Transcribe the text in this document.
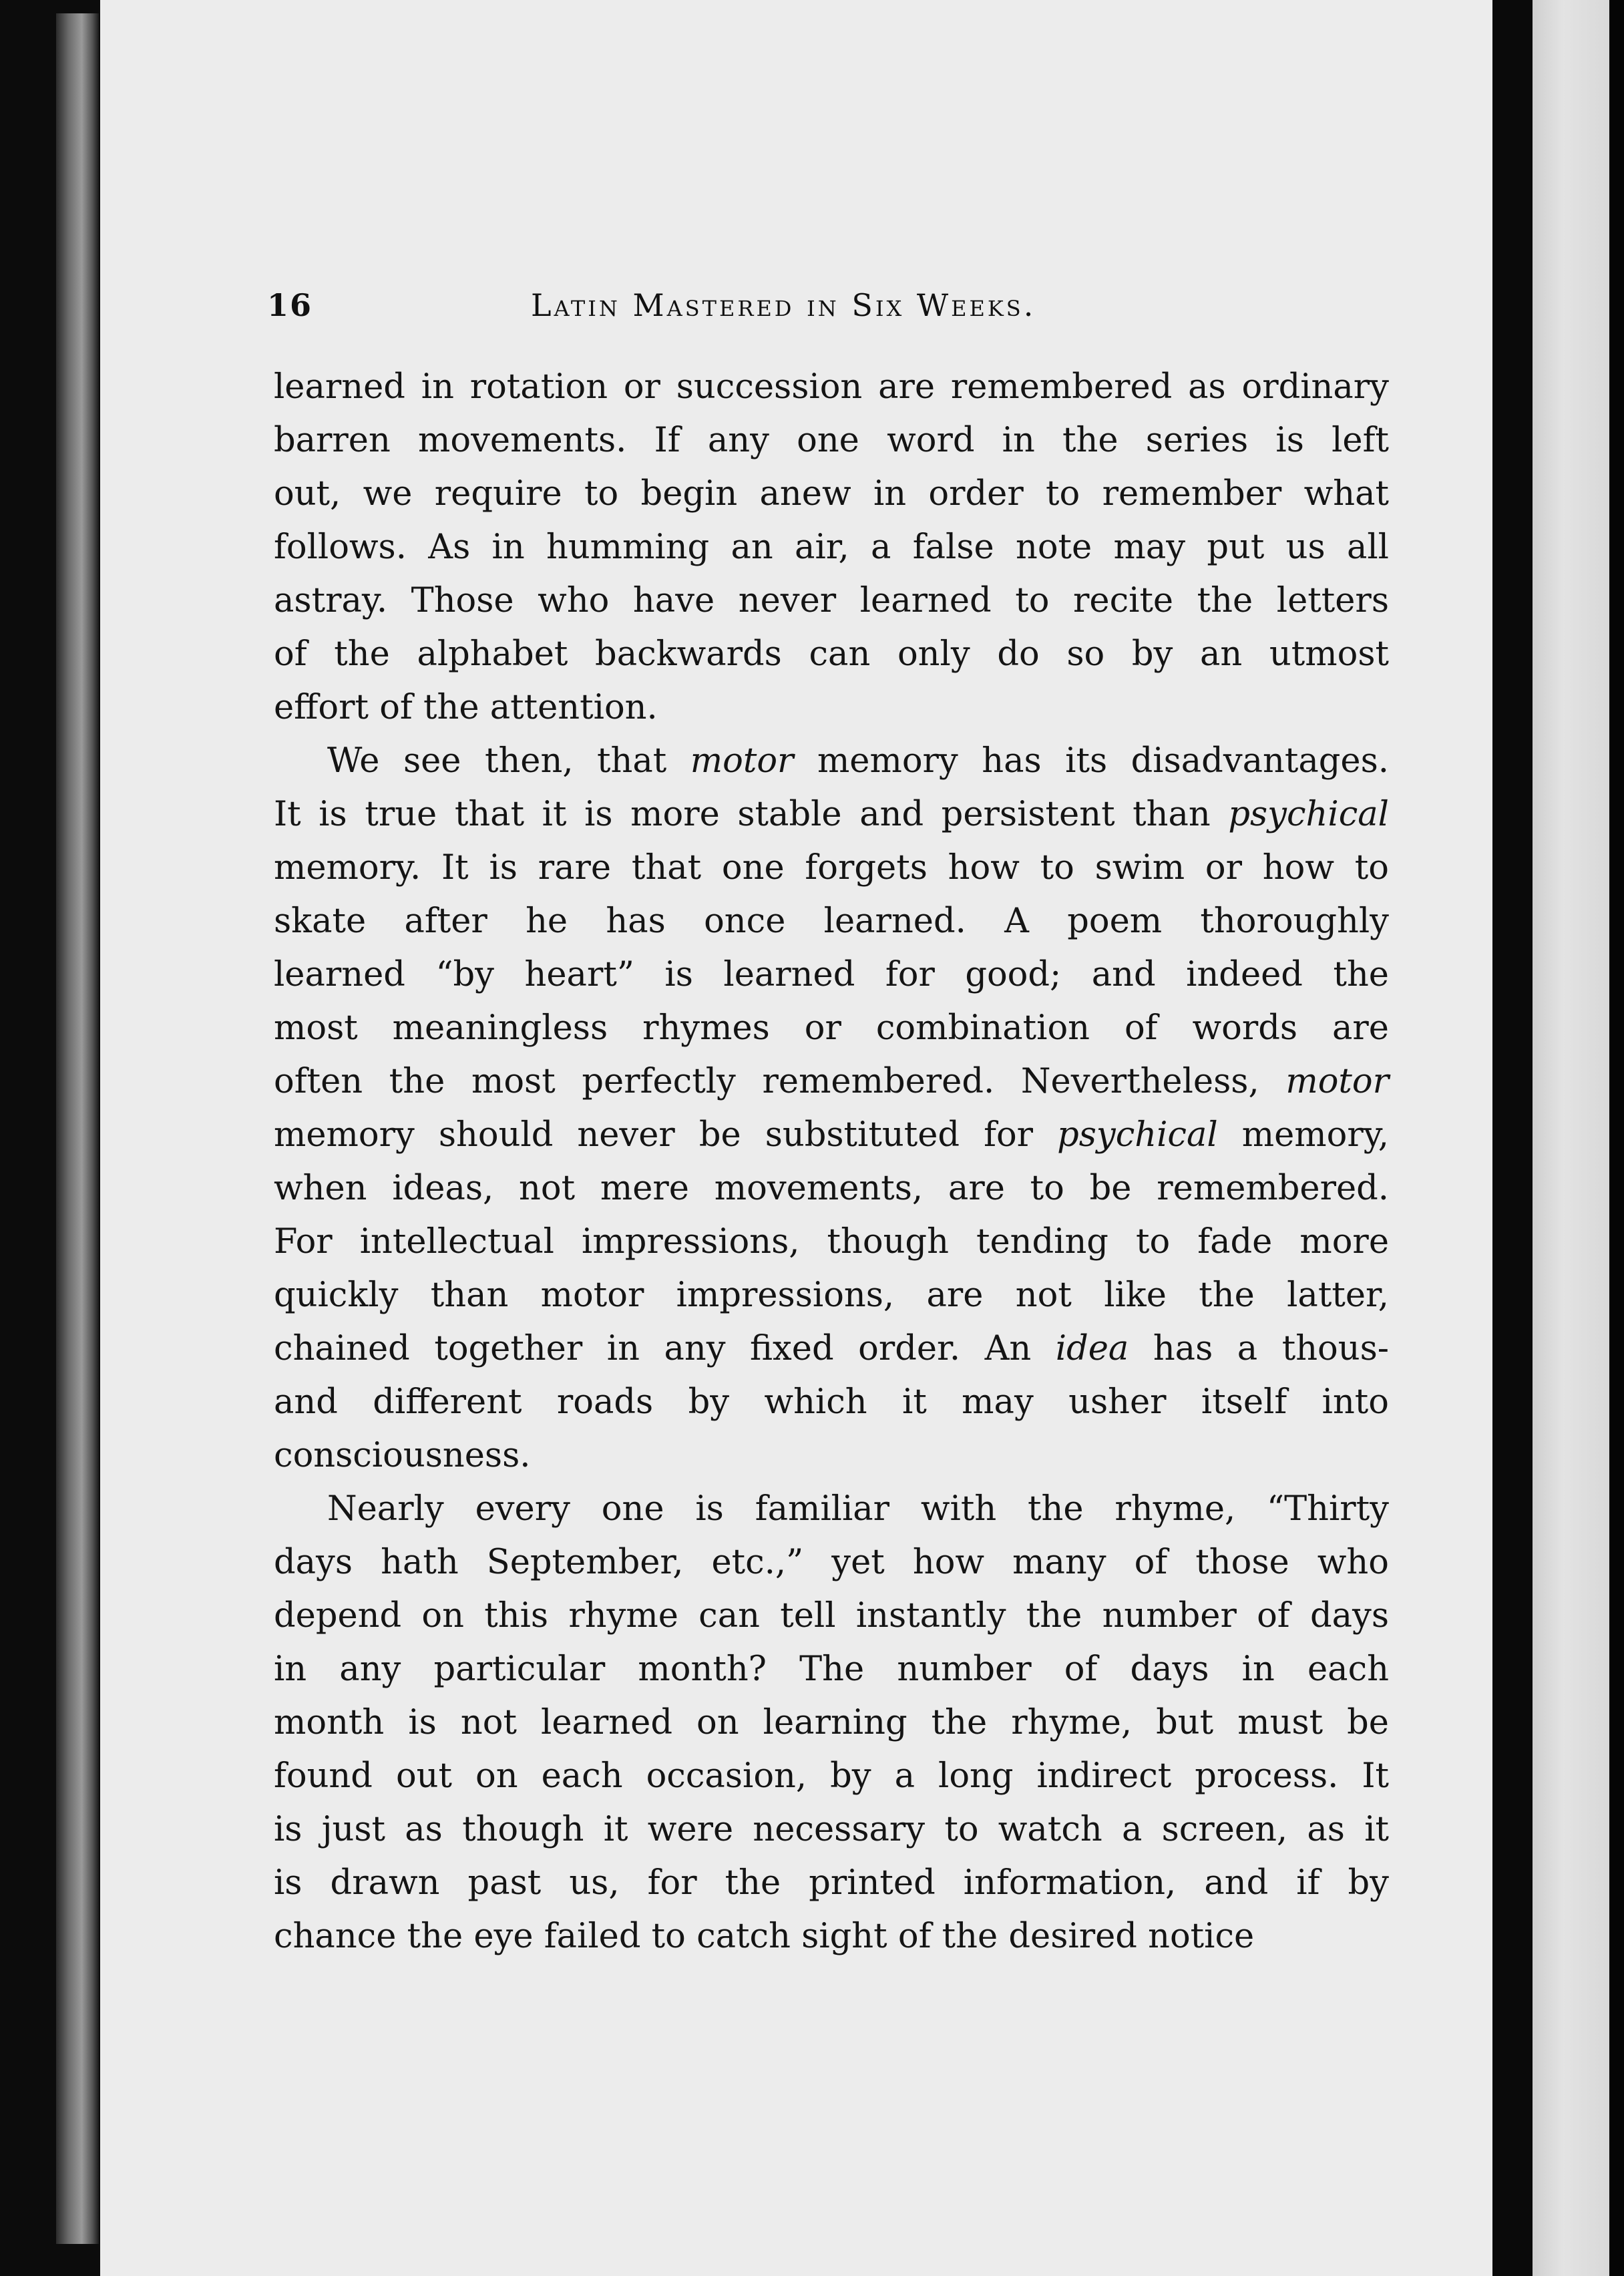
16	Latin Mastered in Six Weeks.
learned in rotation or succession are remembered as ordinary
barren movements. If any one word in the series is left
out, we require to begin anew in order to remember what
follows. As in humming an air, a false note may put us all
astray. Those who have never learned to recite the letters
of the alphabet backwards can only do so by an utmost
effort of the attention.
We see then, that motor memory has its disadvantages.
It is true that it is more stable and persistent than psychical
memory. It is rare that one forgets how to swim or how to
skate after he has once learned. A poem thoroughly
learned “by heart” is learned for good; and indeed the
most meaningless rhymes or combination of words are
often the most perfectly remembered. Nevertheless, motor
memory should never be substituted for psychical memory,
when ideas, not mere movements, are to be remembered.
For intellectual impressions, though tending to fade more
quickly than motor impressions, are not like the latter,
chained together in any fixed order. An idea has a thous-
and different roads by which it may usher itself into
consciousness.
Nearly every one is familiar with the rhyme, “Thirty
days hath September, etc.,” yet how many of those who
depend on this rhyme can tell instantly the number of days
in any particular month? The number of days in each
month is not learned on learning the rhyme, but must be
found out on each occasion, by a long indirect process. It
is just as though it were necessary to watch a screen, as it
is drawn past us, for the printed information, and if by
chance the eye failed to catch sight of the desired notice
